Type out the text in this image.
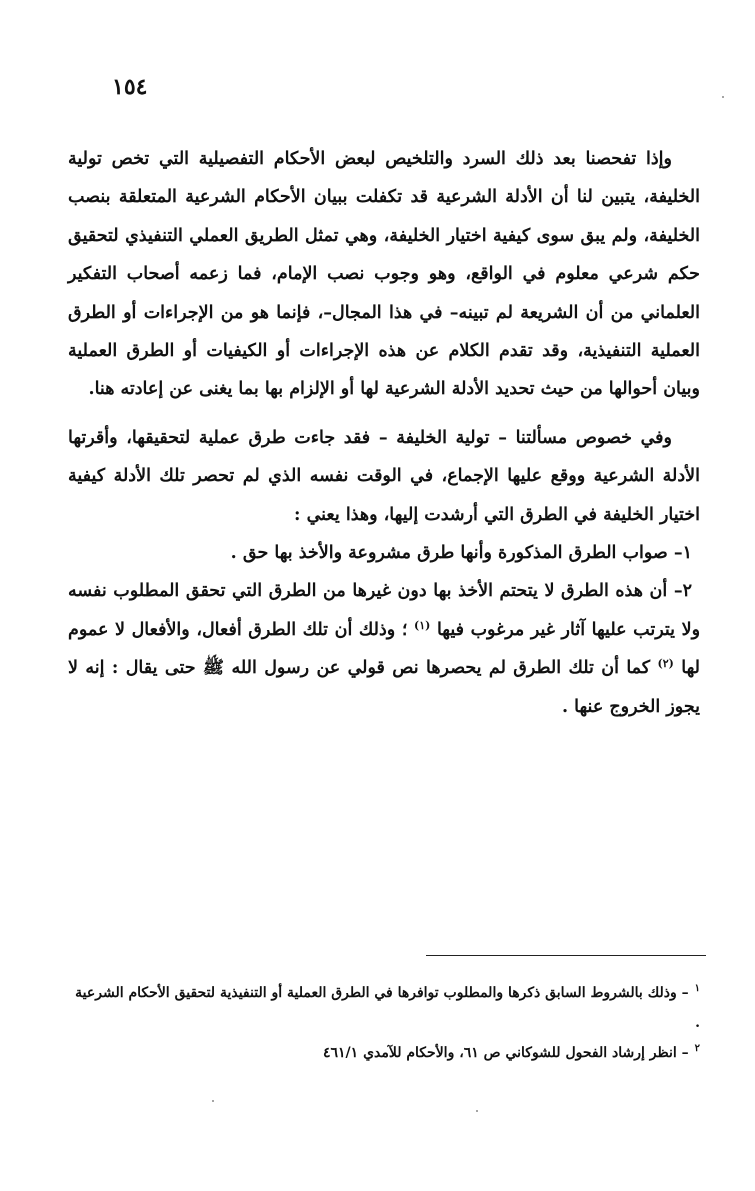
١٥٤

وإذا تفحصنا بعد ذلك السرد والتلخيص لبعض الأحكام التفصيلية التي تخص تولية الخليفة، يتبين لنا أن الأدلة الشرعية قد تكفلت ببيان الأحكام الشرعية المتعلقة بنصب الخليفة، ولم يبق سوى كيفية اختيار الخليفة، وهي تمثل الطريق العملي التنفيذي لتحقيق حكم شرعي معلوم في الواقع، وهو وجوب نصب الإمام، فما زعمه أصحاب التفكير العلماني من أن الشريعة لم تبينه– في هذا المجال–، فإنما هو من الإجراءات أو الطرق العملية التنفيذية، وقد تقدم الكلام عن هذه الإجراءات أو الكيفيات أو الطرق العملية وبيان أحوالها من حيث تحديد الأدلة الشرعية لها أو الإلزام بها بما يغنى عن إعادته هنا.

وفي خصوص مسألتنا – تولية الخليفة – فقد جاءت طرق عملية لتحقيقها، وأقرتها الأدلة الشرعية ووقع عليها الإجماع، في الوقت نفسه الذي لم تحصر تلك الأدلة كيفية اختيار الخليفة في الطرق التي أرشدت إليها، وهذا يعني :

١– صواب الطرق المذكورة وأنها طرق مشروعة والأخذ بها حق .

٢– أن هذه الطرق لا يتحتم الأخذ بها دون غيرها من الطرق التي تحقق المطلوب نفسه ولا يترتب عليها آثار غير مرغوب فيها $^{(١)}$ ؛ وذلك أن تلك الطرق أفعال، والأفعال لا عموم لها $^{(٢)}$ كما أن تلك الطرق لم يحصرها نص قولي عن رسول الله ﷺ حتى يقال : إنه لا يجوز الخروج عنها .

$^١$– وذلك بالشروط السابق ذكرها والمطلوب توافرها في الطرق العملية أو التنفيذية لتحقيق الأحكام الشرعية .

$^٢$– انظر إرشاد الفحول للشوكاني ص ٦١، والأحكام للآمدي ٤٦١/١
